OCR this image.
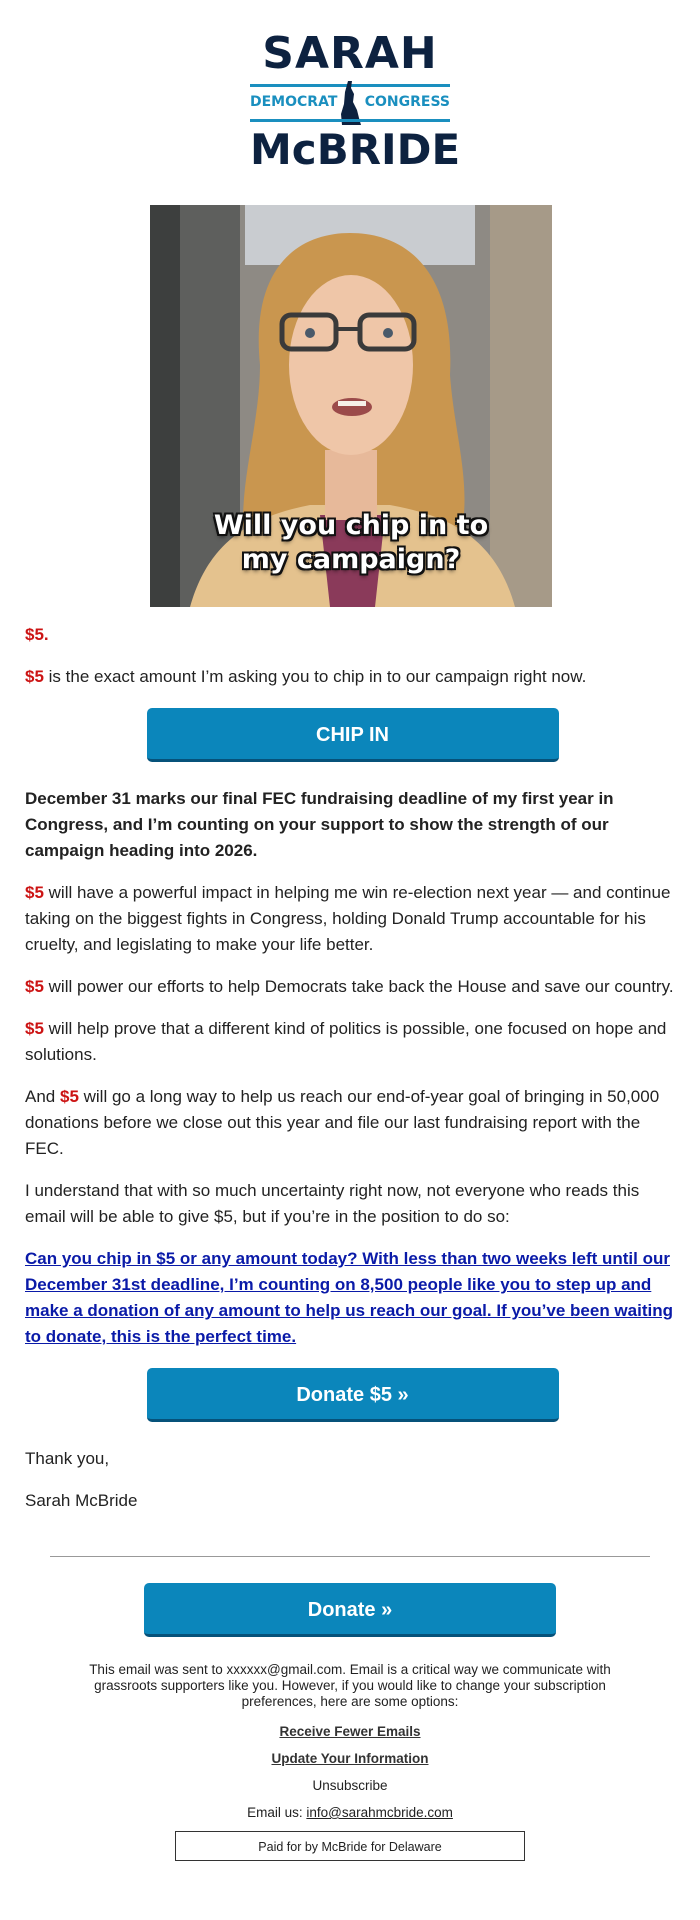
SARAH
DEMOCRAT CONGRESS
McBRIDE
Will you chip in to
my campaign?

$5.

$5 is the exact amount I’m asking you to chip in to our campaign right now.

CHIP IN

December 31 marks our final FEC fundraising deadline of my first year in Congress, and I’m counting on your support to show the strength of our campaign heading into 2026.

$5 will have a powerful impact in helping me win re-election next year — and continue taking on the biggest fights in Congress, holding Donald Trump accountable for his cruelty, and legislating to make your life better.

$5 will power our efforts to help Democrats take back the House and save our country.

$5 will help prove that a different kind of politics is possible, one focused on hope and solutions.

And $5 will go a long way to help us reach our end-of-year goal of bringing in 50,000 donations before we close out this year and file our last fundraising report with the FEC.

I understand that with so much uncertainty right now, not everyone who reads this email will be able to give $5, but if you’re in the position to do so:

Can you chip in $5 or any amount today? With less than two weeks left until our December 31st deadline, I’m counting on 8,500 people like you to step up and make a donation of any amount to help us reach our goal. If you’ve been waiting to donate, this is the perfect time.

Donate $5 »

Thank you,

Sarah McBride

Donate »
This email was sent to xxxxxx@gmail.com. Email is a critical way we communicate with grassroots supporters like you. However, if you would like to change your subscription preferences, here are some options:
Receive Fewer Emails
Update Your Information
Unsubscribe
Email us: info@sarahmcbride.com
Paid for by McBride for Delaware
